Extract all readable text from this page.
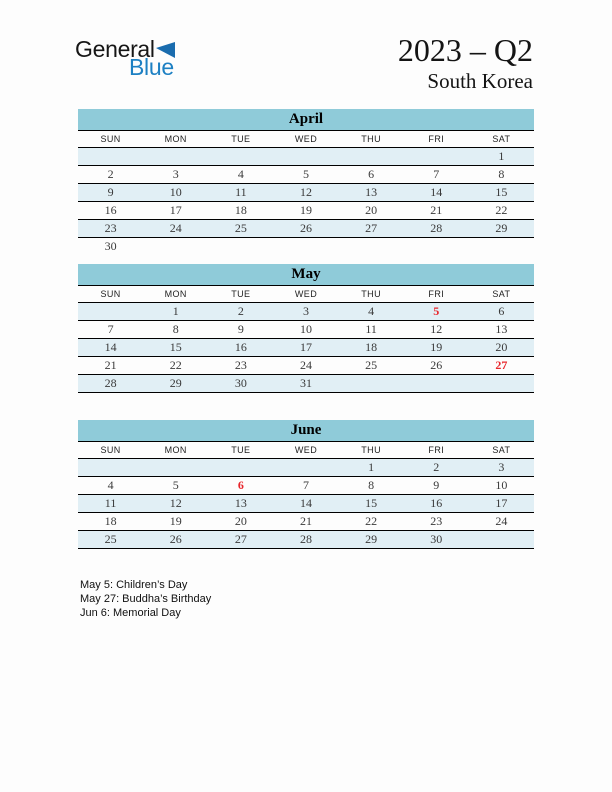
General
Blue	2023 – Q2
South Korea
April						
SUN	MON	TUE	WED	THU	FRI	SAT
						1
2	3	4	5	6	7	8
9	10	11	12	13	14	15
16	17	18	19	20	21	22
23	24	25	26	27	28	29
30						
May						
SUN	MON	TUE	WED	THU	FRI	SAT
	1	2	3	4	5	6
7	8	9	10	11	12	13
14	15	16	17	18	19	20
21	22	23	24	25	26	27
28	29	30	31			
June						
SUN	MON	TUE	WED	THU	FRI	SAT
				1	2	3
4	5	6	7	8	9	10
11	12	13	14	15	16	17
18	19	20	21	22	23	24
25	26	27	28	29	30	
May 5: Children’s Day
May 27: Buddha’s Birthday
Jun 6: Memorial Day
